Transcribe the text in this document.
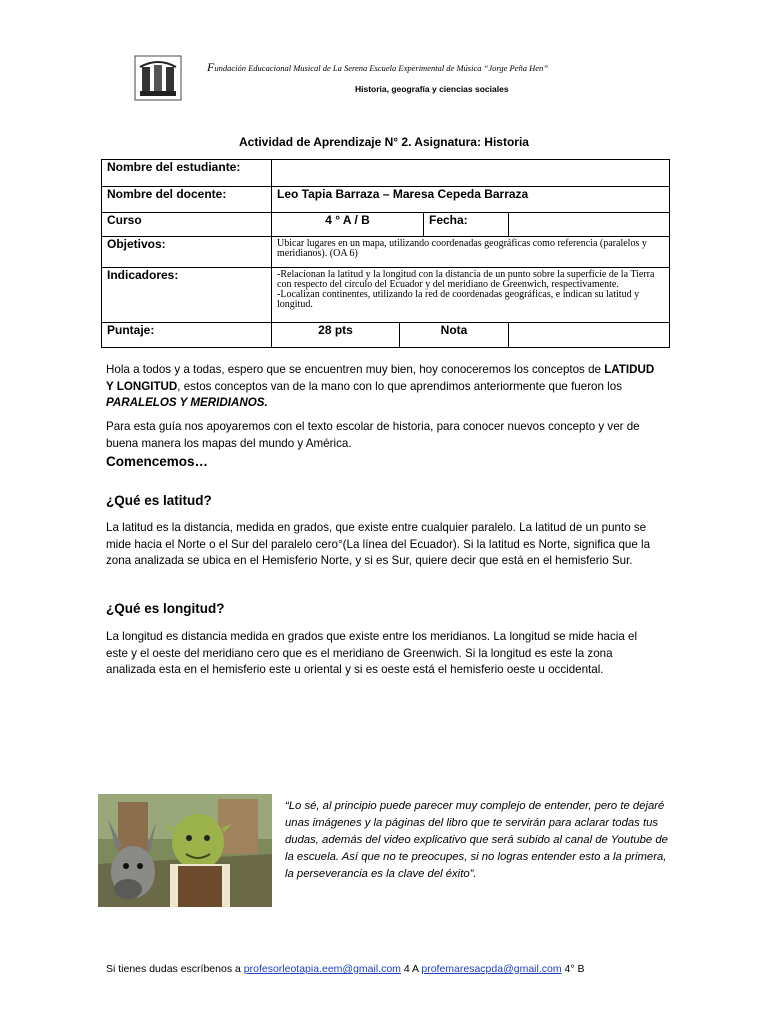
Fundación Educacional Musical de La Serena Escuela Experimental de Música “Jorge Peña Hen”
Historia, geografía y ciencias sociales
Actividad de Aprendizaje N° 2. Asignatura: Historia
Nombre del estudiante:				
Nombre del docente:	Leo Tapia Barraza – Maresa Cepeda Barraza			
Curso	4 ° A / B		Fecha:	
Objetivos:	Ubicar lugares en un mapa, utilizando coordenadas geográficas como referencia (paralelos y meridianos). (OA 6)			
Indicadores:	-Relacionan la latitud y la longitud con la distancia de un punto sobre la superficie de la Tierra con respecto del círculo del Ecuador y del meridiano de Greenwich, respectivamente.
-Localizan continentes, utilizando la red de coordenadas geográficas, e indican su latitud y longitud.			

Puntaje:	28 pts	Nota		
Hola a todos y a todas, espero que se encuentren muy bien, hoy conoceremos los conceptos de LATIDUD Y LONGITUD, estos conceptos van de la mano con lo que aprendimos anteriormente que fueron los PARALELOS Y MERIDIANOS.
Para esta guía nos apoyaremos con el texto escolar de historia, para conocer nuevos concepto y ver de buena manera los mapas del mundo y América.
Comencemos…
¿Qué es latitud?
La latitud es la distancia, medida en grados, que existe entre cualquier paralelo. La latitud de un punto se mide hacia el Norte o el Sur del paralelo cero°(La línea del Ecuador). Si la latitud es Norte, significa que la zona analizada se ubica en el Hemisferio Norte, y si es Sur, quiere decir que está en el hemisferio Sur.
¿Qué es longitud?
La longitud es distancia medida en grados que existe entre los meridianos. La longitud se mide hacia el este y el oeste del meridiano cero que es el meridiano de Greenwich. Si la longitud es este la zona analizada esta en el hemisferio este u oriental y si es oeste está el hemisferio oeste u occidental.
“Lo sé, al principio puede parecer muy complejo de entender, pero te dejaré unas imágenes y la páginas del libro que te servirán para aclarar todas tus dudas, además del video explicativo que será subido al canal de Youtube de la escuela. Así que no te preocupes, si no logras entender esto a la primera, la perseverancia es la clave del éxito”.
Si tienes dudas escríbenos a profesorleotapia.eem@gmail.com 4 A profemaresacpda@gmail.com 4° B
